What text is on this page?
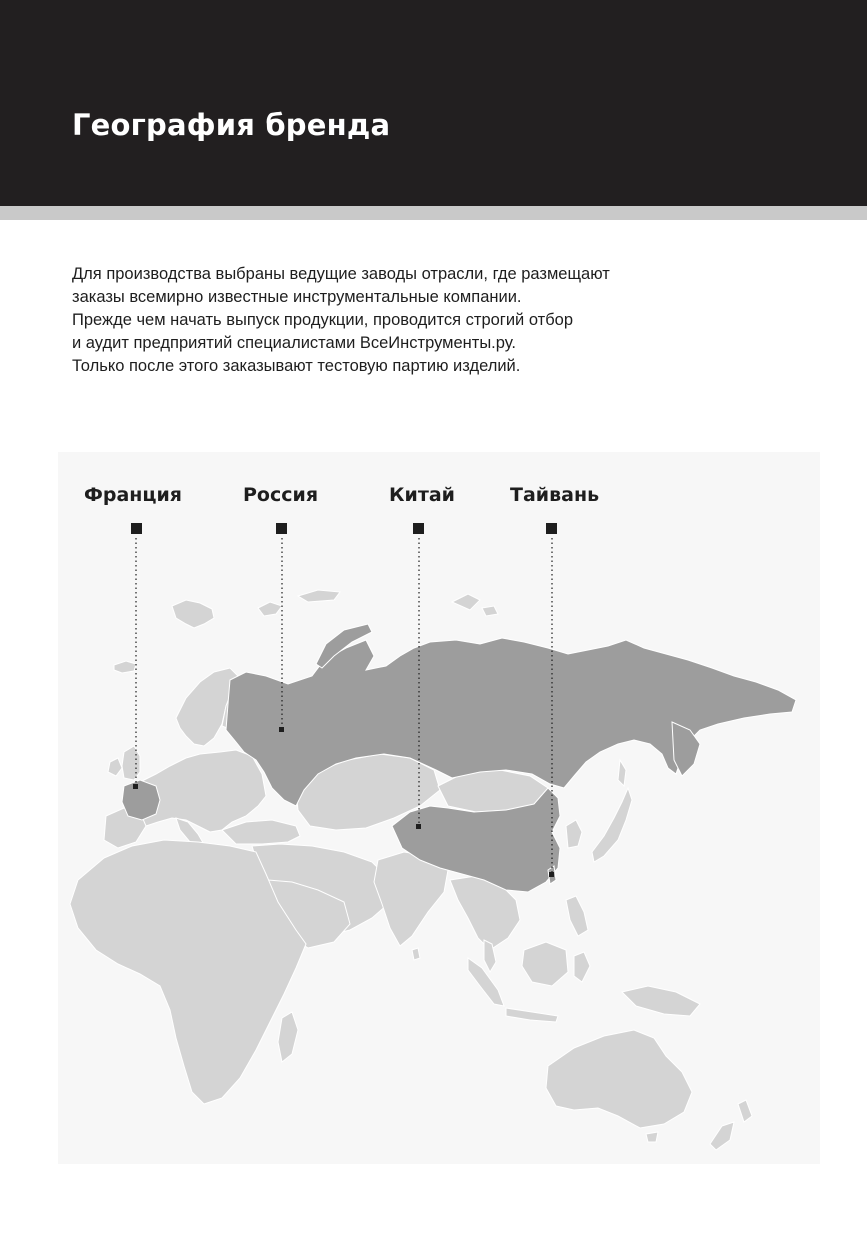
География бренда
Для производства выбраны ведущие заводы отрасли, где размещают
заказы всемирно известные инструментальные компании.
Прежде чем начать выпуск продукции, проводится строгий отбор
и аудит предприятий специалистами ВсеИнструменты.ру.
Только после этого заказывают тестовую партию изделий.
Франция	Россия	Китай	Тайвань
